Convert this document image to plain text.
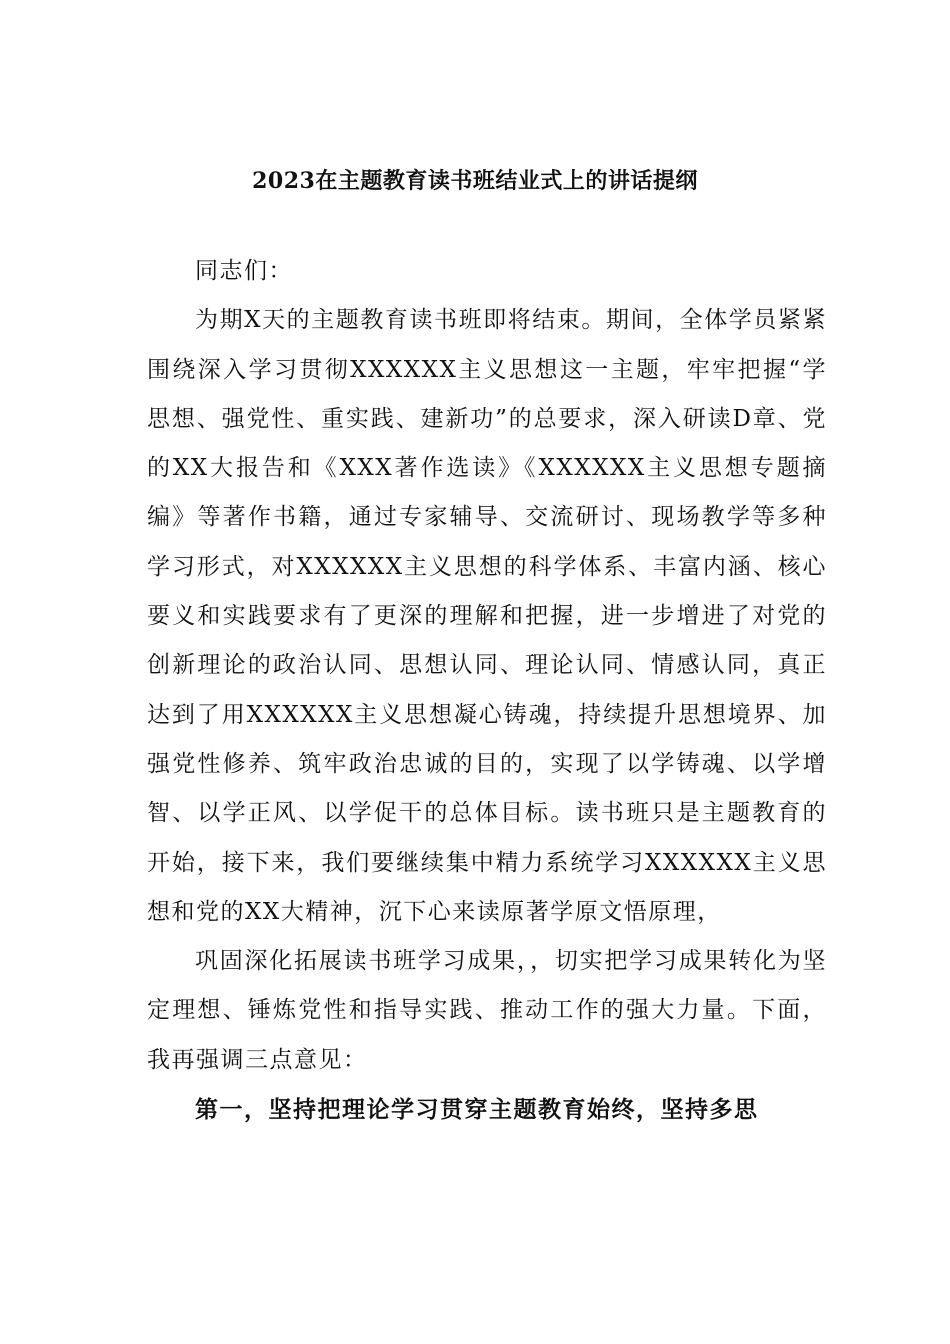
2023在主题教育读书班结业式上的讲话提纲

同志们：

为期X天的主题教育读书班即将结束。期间，全体学员紧紧围绕深入学习贯彻XXXXXX主义思想这一主题，牢牢把握“学思想、强党性、重实践、建新功”的总要求，深入研读D章、党的XX大报告和《XXX著作选读》《XXXXXX主义思想专题摘编》等著作书籍，通过专家辅导、交流研讨、现场教学等多种学习形式，对XXXXXX主义思想的科学体系、丰富内涵、核心要义和实践要求有了更深的理解和把握，进一步增进了对党的创新理论的政治认同、思想认同、理论认同、情感认同，真正达到了用XXXXXX主义思想凝心铸魂，持续提升思想境界、加强党性修养、筑牢政治忠诚的目的，实现了以学铸魂、以学增智、以学正风、以学促干的总体目标。读书班只是主题教育的开始，接下来，我们要继续集中精力系统学习XXXXXX主义思想和党的XX大精神，沉下心来读原著学原文悟原理，

巩固深化拓展读书班学习成果，，切实把学习成果转化为坚定理想、锤炼党性和指导实践、推动工作的强大力量。下面，我再强调三点意见：

第一，坚持把理论学习贯穿主题教育始终，坚持多思
